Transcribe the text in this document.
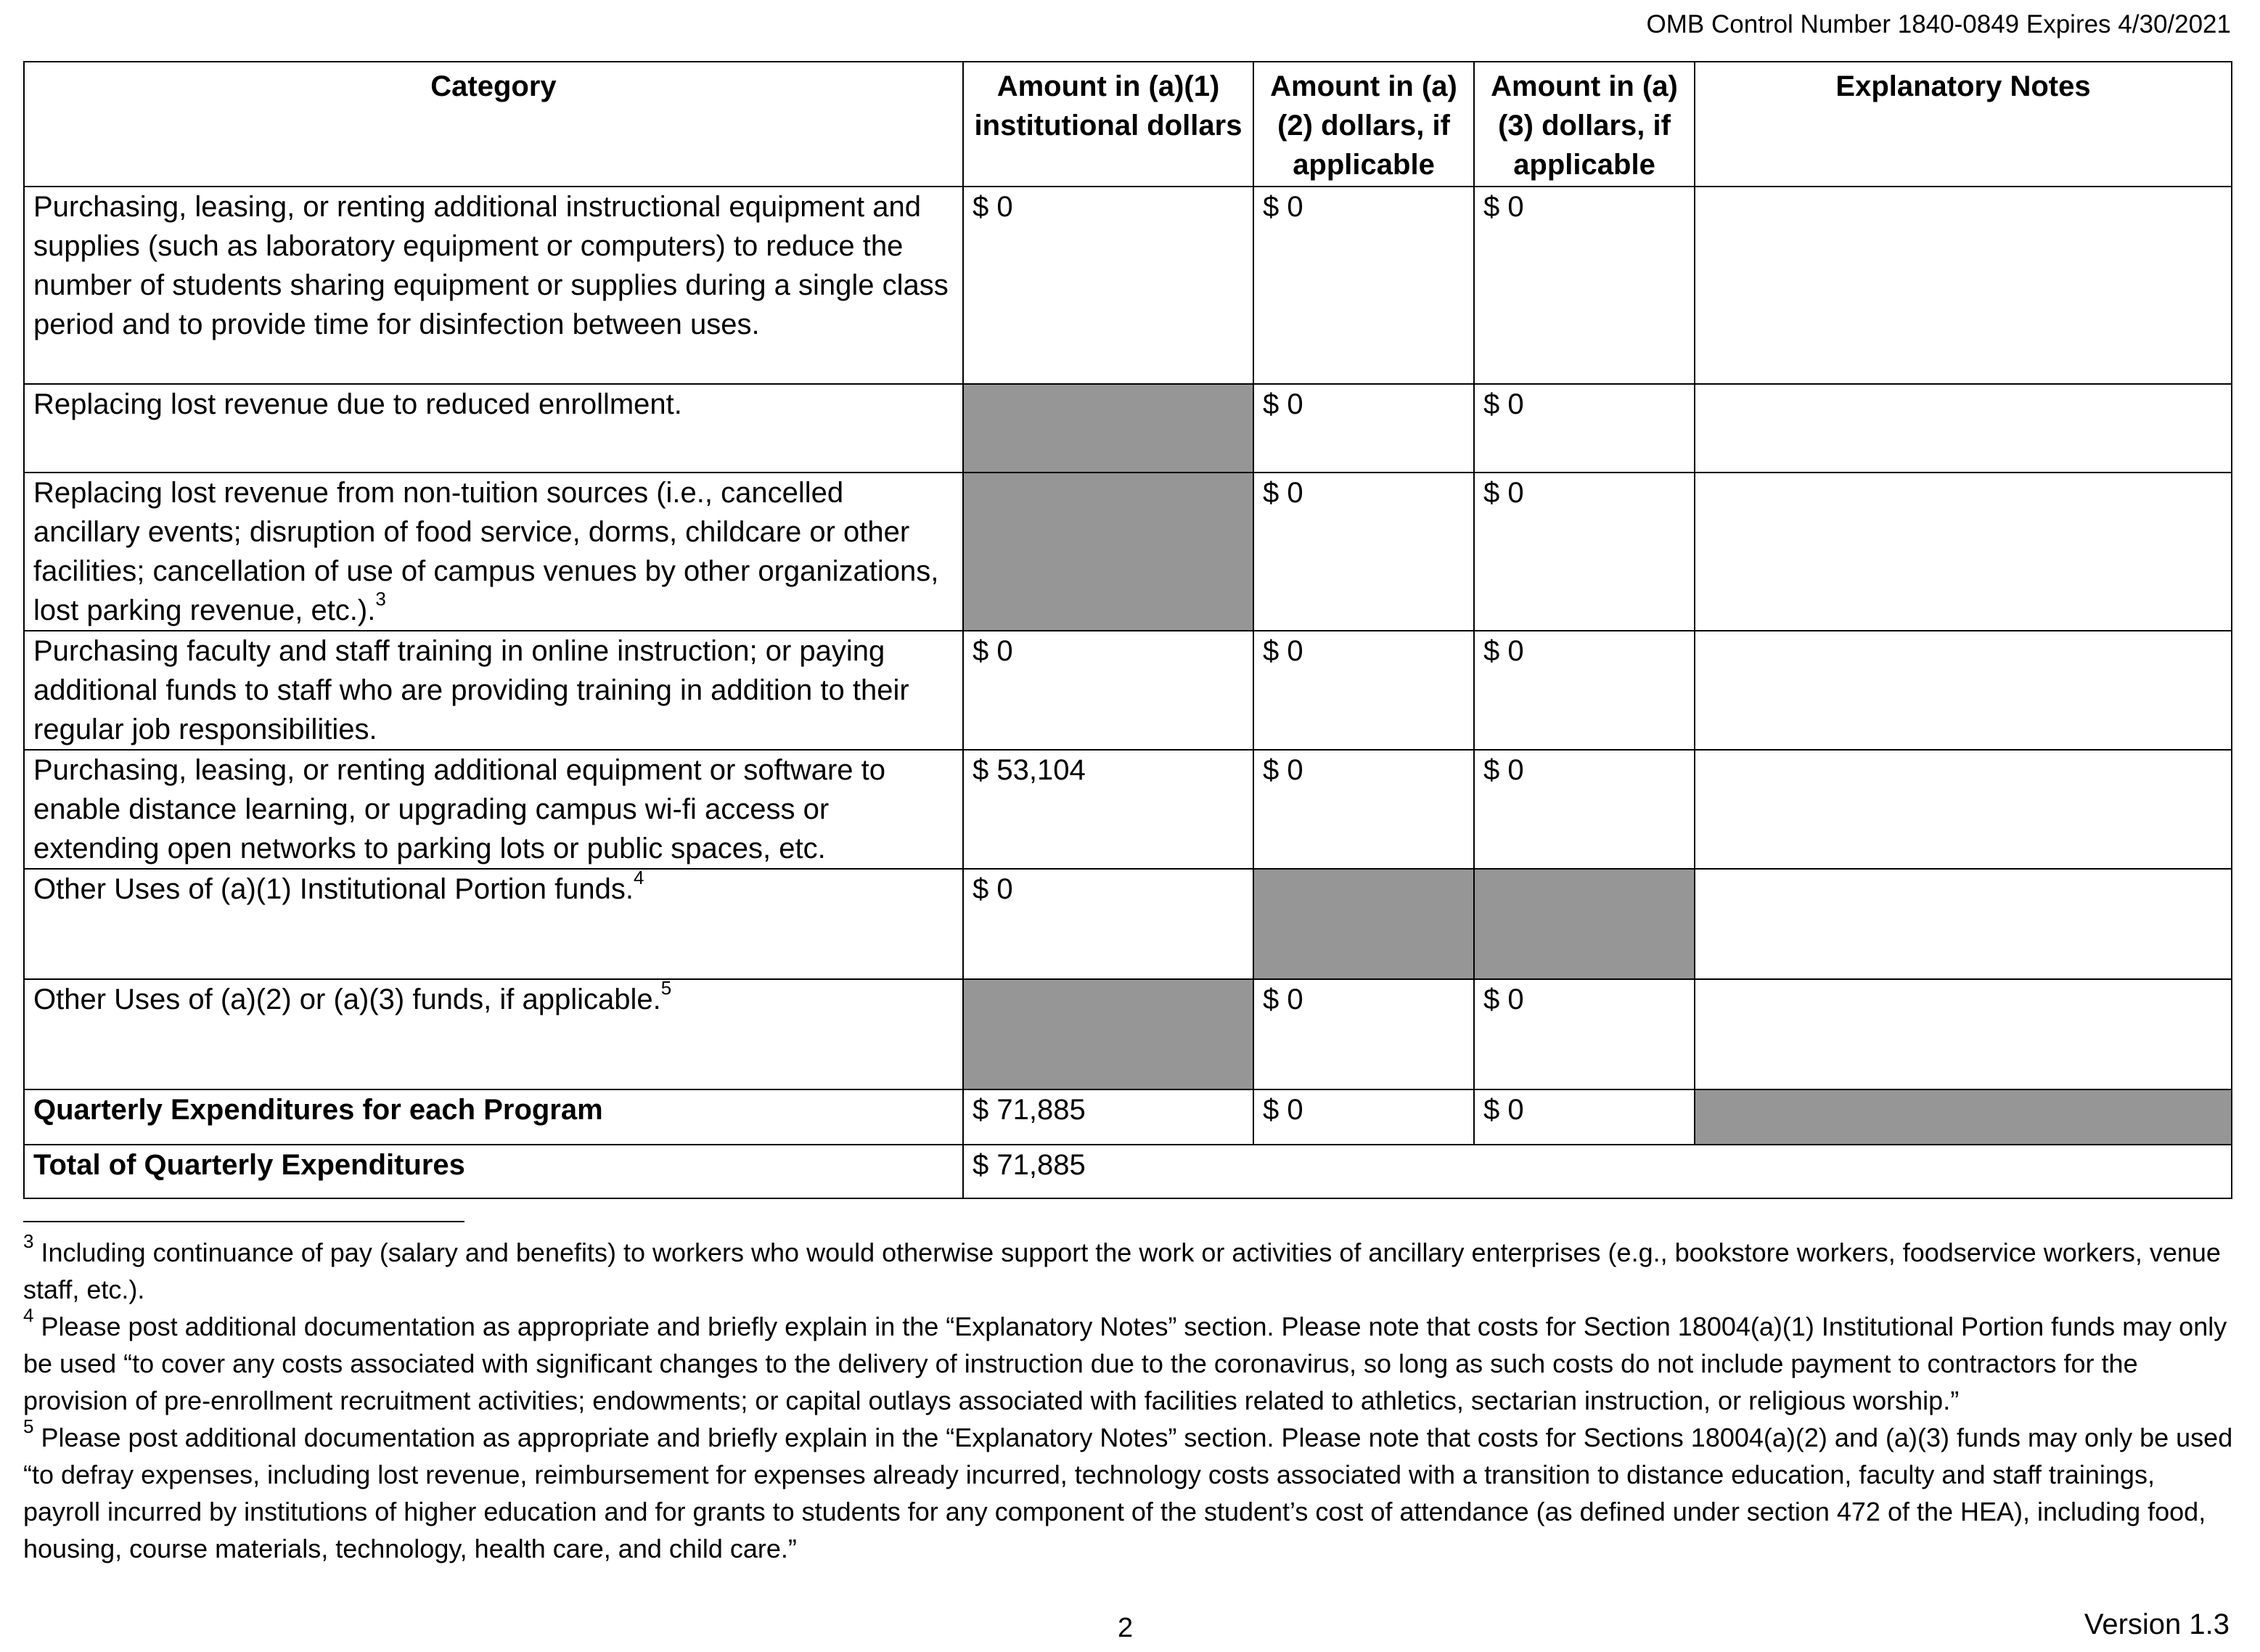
OMB Control Number 1840-0849 Expires 4/30/2021
Category	Amount in (a)(1) institutional dollars	Amount in (a)(2) dollars, if applicable	Amount in (a)(3) dollars, if applicable	Explanatory Notes
Purchasing, leasing, or renting additional instructional equipment and supplies (such as laboratory equipment or computers) to reduce the number of students sharing equipment or supplies during a single class period and to provide time for disinfection between uses.	$ 0	$ 0	$ 0	
Replacing lost revenue due to reduced enrollment.		$ 0	$ 0	
Replacing lost revenue from non-tuition sources (i.e., cancelled ancillary events; disruption of food service, dorms, childcare or other facilities; cancellation of use of campus venues by other organizations, lost parking revenue, etc.).$^3$		$ 0	$ 0	
Purchasing faculty and staff training in online instruction; or paying additional funds to staff who are providing training in addition to their regular job responsibilities.	$ 0	$ 0	$ 0	
Purchasing, leasing, or renting additional equipment or software to enable distance learning, or upgrading campus wi-fi access or extending open networks to parking lots or public spaces, etc.	$ 53,104	$ 0	$ 0	
Other Uses of (a)(1) Institutional Portion funds.$^4$	$ 0			
Other Uses of (a)(2) or (a)(3) funds, if applicable.$^5$		$ 0	$ 0	
Quarterly Expenditures for each Program	$ 71,885	$ 0	$ 0	
Total of Quarterly Expenditures	$ 71,885			

$^3$ Including continuance of pay (salary and benefits) to workers who would otherwise support the work or activities of ancillary enterprises (e.g., bookstore workers, foodservice workers, venue staff, etc.).

$^4$ Please post additional documentation as appropriate and briefly explain in the “Explanatory Notes” section. Please note that costs for Section 18004(a)(1) Institutional Portion funds may only be used “to cover any costs associated with significant changes to the delivery of instruction due to the coronavirus, so long as such costs do not include payment to contractors for the provision of pre-enrollment recruitment activities; endowments; or capital outlays associated with facilities related to athletics, sectarian instruction, or religious worship.”

$^5$ Please post additional documentation as appropriate and briefly explain in the “Explanatory Notes” section. Please note that costs for Sections 18004(a)(2) and (a)(3) funds may only be used “to defray expenses, including lost revenue, reimbursement for expenses already incurred, technology costs associated with a transition to distance education, faculty and staff trainings, payroll incurred by institutions of higher education and for grants to students for any component of the student’s cost of attendance (as defined under section 472 of the HEA), including food, housing, course materials, technology, health care, and child care.”

2	Version 1.3
